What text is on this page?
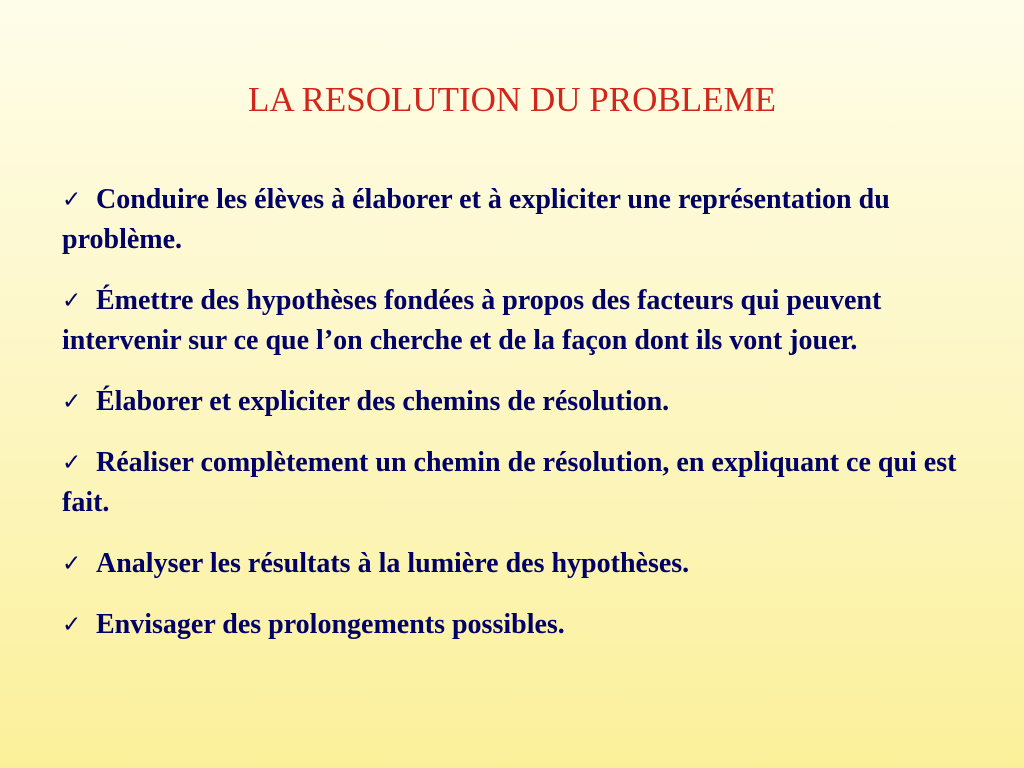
LA RESOLUTION DU PROBLEME
✓ Conduire les élèves à élaborer et à expliciter une représentation du problème.
✓ Émettre des hypothèses fondées à propos des facteurs qui peuvent intervenir sur ce que l’on cherche et de la façon dont ils vont jouer.
✓ Élaborer et expliciter des chemins de résolution.
✓ Réaliser complètement un chemin de résolution, en expliquant ce qui est fait.
✓ Analyser les résultats à la lumière des hypothèses.
✓ Envisager des prolongements possibles.
